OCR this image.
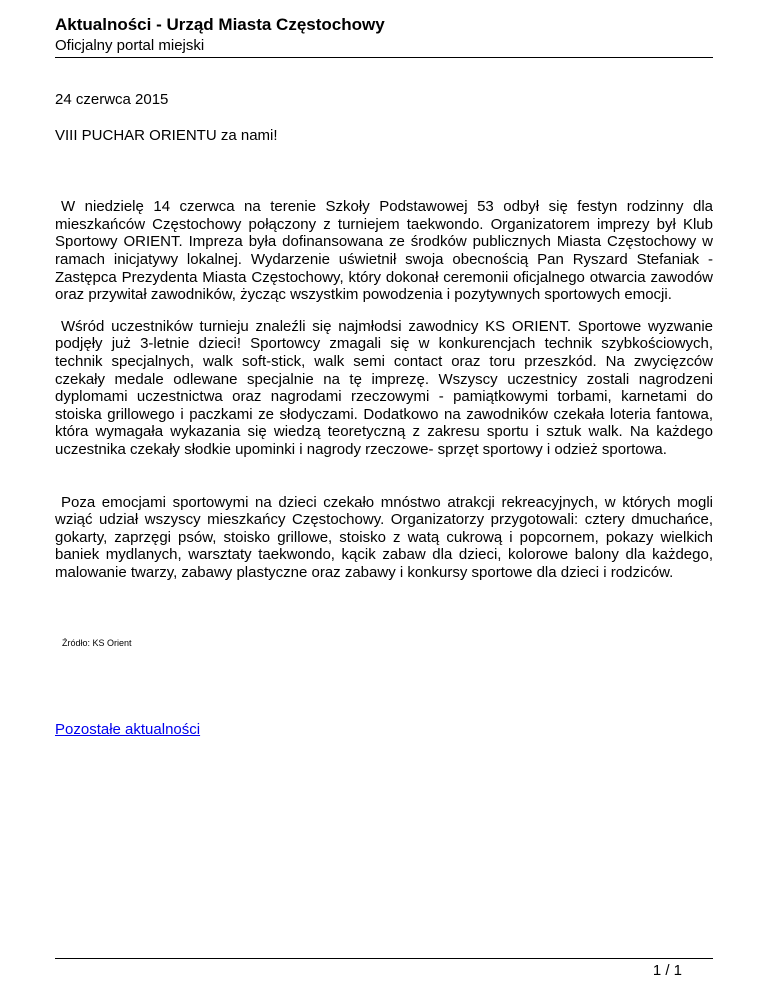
Aktualności - Urząd Miasta Częstochowy

Oficjalny portal miejski

24 czerwca 2015

VIII PUCHAR ORIENTU za nami!

W niedzielę 14 czerwca na terenie Szkoły Podstawowej 53 odbył się festyn rodzinny dla mieszkańców Częstochowy połączony z turniejem taekwondo. Organizatorem imprezy był Klub Sportowy ORIENT. Impreza była dofinansowana ze środków publicznych Miasta Częstochowy w ramach inicjatywy lokalnej. Wydarzenie uświetnił swoja obecnością Pan Ryszard Stefaniak - Zastępca Prezydenta Miasta Częstochowy, który dokonał ceremonii oficjalnego otwarcia zawodów oraz przywitał zawodników, życząc wszystkim powodzenia i pozytywnych sportowych emocji.

Wśród uczestników turnieju znaleźli się najmłodsi zawodnicy KS ORIENT. Sportowe wyzwanie podjęły już 3-letnie dzieci! Sportowcy zmagali się w konkurencjach technik szybkościowych, technik specjalnych, walk soft-stick, walk semi contact oraz toru przeszkód. Na zwycięzców czekały medale odlewane specjalnie na tę imprezę. Wszyscy uczestnicy zostali nagrodzeni dyplomami uczestnictwa oraz nagrodami rzeczowymi - pamiątkowymi torbami, karnetami do stoiska grillowego i paczkami ze słodyczami. Dodatkowo na zawodników czekała loteria fantowa, która wymagała wykazania się wiedzą teoretyczną z zakresu sportu i sztuk walk. Na każdego uczestnika czekały słodkie upominki i nagrody rzeczowe- sprzęt sportowy i odzież sportowa.

Poza emocjami sportowymi na dzieci czekało mnóstwo atrakcji rekreacyjnych, w których mogli wziąć udział wszyscy mieszkańcy Częstochowy. Organizatorzy przygotowali: cztery dmuchańce, gokarty, zaprzęgi psów, stoisko grillowe, stoisko z watą cukrową i popcornem, pokazy wielkich baniek mydlanych, warsztaty taekwondo, kącik zabaw dla dzieci, kolorowe balony dla każdego, malowanie twarzy, zabawy plastyczne oraz zabawy i konkursy sportowe dla dzieci i rodziców.

Źródło: KS Orient

Pozostałe aktualności
1 / 1
